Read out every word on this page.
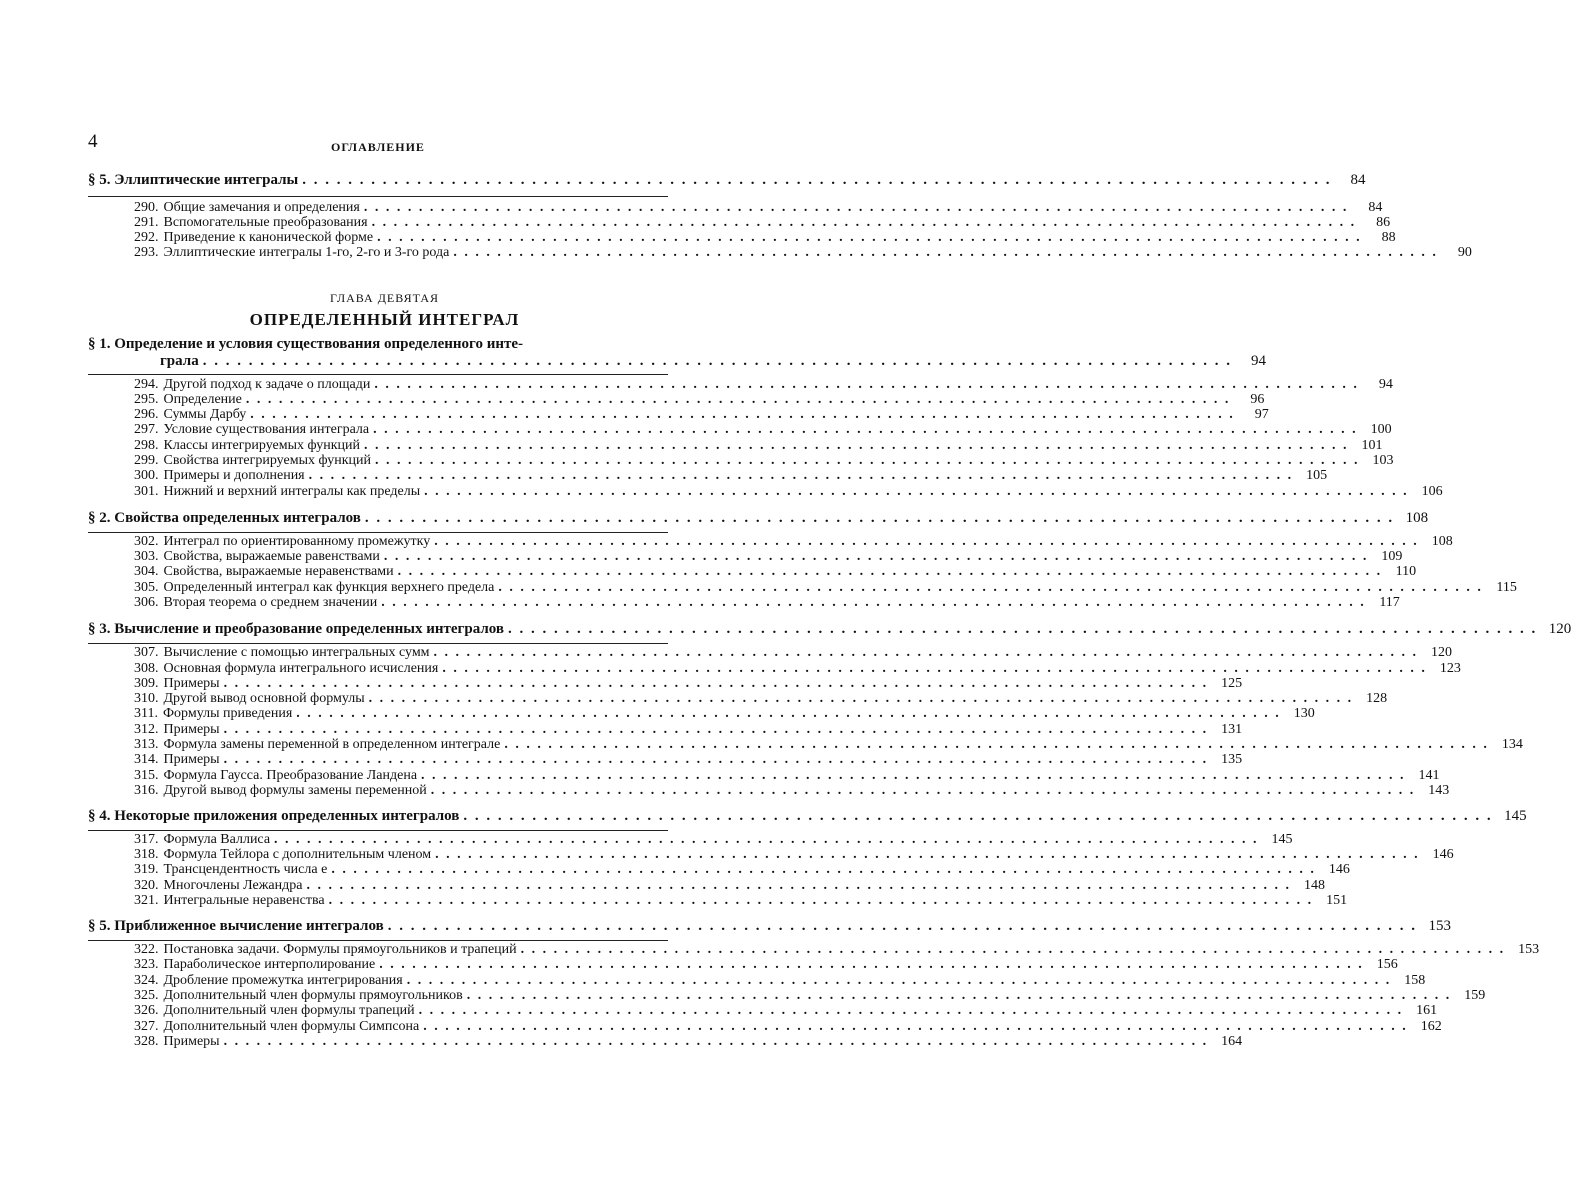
4	ОГЛАВЛЕНИЕ
§ 5. Эллиптические интегралы . . . . . . . . . . . . . . . . . . . . . . . . . . . . . . . . . . . . . . . . . . . . . . . . . . . . . . . . . . . . . . . . . . . . . . . . . . . . . . . . . . . . . . . . . .	84
290. Общие замечания и определения . . . . . . . . . . . . . . . . . . . . . . . . . . . . . . . . . . . . . . . . . . . . . . . . . . . . . . . . . . . . . . . . . . . . . . . . . . . . . . . . . . . . . . . . . .	84
291. Вспомогательные преобразования . . . . . . . . . . . . . . . . . . . . . . . . . . . . . . . . . . . . . . . . . . . . . . . . . . . . . . . . . . . . . . . . . . . . . . . . . . . . . . . . . . . . . . . . . .	86
292. Приведение к канонической форме . . . . . . . . . . . . . . . . . . . . . . . . . . . . . . . . . . . . . . . . . . . . . . . . . . . . . . . . . . . . . . . . . . . . . . . . . . . . . . . . . . . . . . . . . .	88
293. Эллиптические интегралы 1-го, 2-го и 3-го рода . . . . . . . . . . . . . . . . . . . . . . . . . . . . . . . . . . . . . . . . . . . . . . . . . . . . . . . . . . . . . . . . . . . . . . . . . . . . . . . . . . . . . . . . . .	90
ГЛАВА ДЕВЯТАЯ
ОПРЕДЕЛЕННЫЙ ИНТЕГРАЛ
§ 1. Определение и условия существования определенного инте-
грала . . . . . . . . . . . . . . . . . . . . . . . . . . . . . . . . . . . . . . . . . . . . . . . . . . . . . . . . . . . . . . . . . . . . . . . . . . . . . . . . . . . . . . . . . .	94
294. Другой подход к задаче о площади . . . . . . . . . . . . . . . . . . . . . . . . . . . . . . . . . . . . . . . . . . . . . . . . . . . . . . . . . . . . . . . . . . . . . . . . . . . . . . . . . . . . . . . . . .	94
295. Определение . . . . . . . . . . . . . . . . . . . . . . . . . . . . . . . . . . . . . . . . . . . . . . . . . . . . . . . . . . . . . . . . . . . . . . . . . . . . . . . . . . . . . . . . . .	96
296. Суммы Дарбу . . . . . . . . . . . . . . . . . . . . . . . . . . . . . . . . . . . . . . . . . . . . . . . . . . . . . . . . . . . . . . . . . . . . . . . . . . . . . . . . . . . . . . . . . .	97
297. Условие существования интеграла . . . . . . . . . . . . . . . . . . . . . . . . . . . . . . . . . . . . . . . . . . . . . . . . . . . . . . . . . . . . . . . . . . . . . . . . . . . . . . . . . . . . . . . . . . 100
298. Классы интегрируемых функций . . . . . . . . . . . . . . . . . . . . . . . . . . . . . . . . . . . . . . . . . . . . . . . . . . . . . . . . . . . . . . . . . . . . . . . . . . . . . . . . . . . . . . . . . . 101
299. Свойства интегрируемых функций . . . . . . . . . . . . . . . . . . . . . . . . . . . . . . . . . . . . . . . . . . . . . . . . . . . . . . . . . . . . . . . . . . . . . . . . . . . . . . . . . . . . . . . . . . 103
300. Примеры и дополнения . . . . . . . . . . . . . . . . . . . . . . . . . . . . . . . . . . . . . . . . . . . . . . . . . . . . . . . . . . . . . . . . . . . . . . . . . . . . . . . . . . . . . . . . . . 105
301. Нижний и верхний интегралы как пределы . . . . . . . . . . . . . . . . . . . . . . . . . . . . . . . . . . . . . . . . . . . . . . . . . . . . . . . . . . . . . . . . . . . . . . . . . . . . . . . . . . . . . . . . . . 106
§ 2. Свойства определенных интегралов . . . . . . . . . . . . . . . . . . . . . . . . . . . . . . . . . . . . . . . . . . . . . . . . . . . . . . . . . . . . . . . . . . . . . . . . . . . . . . . . . . . . . . . . . . 108
302. Интеграл по ориентированному промежутку . . . . . . . . . . . . . . . . . . . . . . . . . . . . . . . . . . . . . . . . . . . . . . . . . . . . . . . . . . . . . . . . . . . . . . . . . . . . . . . . . . . . . . . . . . 108
303. Свойства, выражаемые равенствами . . . . . . . . . . . . . . . . . . . . . . . . . . . . . . . . . . . . . . . . . . . . . . . . . . . . . . . . . . . . . . . . . . . . . . . . . . . . . . . . . . . . . . . . . . 109
304. Свойства, выражаемые неравенствами . . . . . . . . . . . . . . . . . . . . . . . . . . . . . . . . . . . . . . . . . . . . . . . . . . . . . . . . . . . . . . . . . . . . . . . . . . . . . . . . . . . . . . . . . . 110
305. Определенный интеграл как функция верхнего предела . . . . . . . . . . . . . . . . . . . . . . . . . . . . . . . . . . . . . . . . . . . . . . . . . . . . . . . . . . . . . . . . . . . . . . . . . . . . . . . . . . . . . . . . . . 115
306. Вторая теорема о среднем значении . . . . . . . . . . . . . . . . . . . . . . . . . . . . . . . . . . . . . . . . . . . . . . . . . . . . . . . . . . . . . . . . . . . . . . . . . . . . . . . . . . . . . . . . . . 117
§ 3. Вычисление и преобразование определенных интегралов . . . . . . . . . . . . . . . . . . . . . . . . . . . . . . . . . . . . . . . . . . . . . . . . . . . . . . . . . . . . . . . . . . . . . . . . . . . . . . . . . . . . . . . . . . 120
307. Вычисление с помощью интегральных сумм . . . . . . . . . . . . . . . . . . . . . . . . . . . . . . . . . . . . . . . . . . . . . . . . . . . . . . . . . . . . . . . . . . . . . . . . . . . . . . . . . . . . . . . . . . 120
308. Основная формула интегрального исчисления . . . . . . . . . . . . . . . . . . . . . . . . . . . . . . . . . . . . . . . . . . . . . . . . . . . . . . . . . . . . . . . . . . . . . . . . . . . . . . . . . . . . . . . . . . 123
309. Примеры . . . . . . . . . . . . . . . . . . . . . . . . . . . . . . . . . . . . . . . . . . . . . . . . . . . . . . . . . . . . . . . . . . . . . . . . . . . . . . . . . . . . . . . . . . 125
310. Другой вывод основной формулы . . . . . . . . . . . . . . . . . . . . . . . . . . . . . . . . . . . . . . . . . . . . . . . . . . . . . . . . . . . . . . . . . . . . . . . . . . . . . . . . . . . . . . . . . . 128
311. Формулы приведения . . . . . . . . . . . . . . . . . . . . . . . . . . . . . . . . . . . . . . . . . . . . . . . . . . . . . . . . . . . . . . . . . . . . . . . . . . . . . . . . . . . . . . . . . . 130
312. Примеры . . . . . . . . . . . . . . . . . . . . . . . . . . . . . . . . . . . . . . . . . . . . . . . . . . . . . . . . . . . . . . . . . . . . . . . . . . . . . . . . . . . . . . . . . . 131
313. Формула замены переменной в определенном интеграле . . . . . . . . . . . . . . . . . . . . . . . . . . . . . . . . . . . . . . . . . . . . . . . . . . . . . . . . . . . . . . . . . . . . . . . . . . . . . . . . . . . . . . . . . . 134
314. Примеры . . . . . . . . . . . . . . . . . . . . . . . . . . . . . . . . . . . . . . . . . . . . . . . . . . . . . . . . . . . . . . . . . . . . . . . . . . . . . . . . . . . . . . . . . . 135
315. Формула Гаусса. Преобразование Ландена . . . . . . . . . . . . . . . . . . . . . . . . . . . . . . . . . . . . . . . . . . . . . . . . . . . . . . . . . . . . . . . . . . . . . . . . . . . . . . . . . . . . . . . . . . 141
316. Другой вывод формулы замены переменной . . . . . . . . . . . . . . . . . . . . . . . . . . . . . . . . . . . . . . . . . . . . . . . . . . . . . . . . . . . . . . . . . . . . . . . . . . . . . . . . . . . . . . . . . . 143
§ 4. Некоторые приложения определенных интегралов . . . . . . . . . . . . . . . . . . . . . . . . . . . . . . . . . . . . . . . . . . . . . . . . . . . . . . . . . . . . . . . . . . . . . . . . . . . . . . . . . . . . . . . . . . 145
317. Формула Валлиса . . . . . . . . . . . . . . . . . . . . . . . . . . . . . . . . . . . . . . . . . . . . . . . . . . . . . . . . . . . . . . . . . . . . . . . . . . . . . . . . . . . . . . . . . . 145
318. Формула Тейлора с дополнительным членом . . . . . . . . . . . . . . . . . . . . . . . . . . . . . . . . . . . . . . . . . . . . . . . . . . . . . . . . . . . . . . . . . . . . . . . . . . . . . . . . . . . . . . . . . . 146
319. Трансцендентность числа e . . . . . . . . . . . . . . . . . . . . . . . . . . . . . . . . . . . . . . . . . . . . . . . . . . . . . . . . . . . . . . . . . . . . . . . . . . . . . . . . . . . . . . . . . . 146
320. Многочлены Лежандра . . . . . . . . . . . . . . . . . . . . . . . . . . . . . . . . . . . . . . . . . . . . . . . . . . . . . . . . . . . . . . . . . . . . . . . . . . . . . . . . . . . . . . . . . . 148
321. Интегральные неравенства . . . . . . . . . . . . . . . . . . . . . . . . . . . . . . . . . . . . . . . . . . . . . . . . . . . . . . . . . . . . . . . . . . . . . . . . . . . . . . . . . . . . . . . . . . 151
§ 5. Приближенное вычисление интегралов . . . . . . . . . . . . . . . . . . . . . . . . . . . . . . . . . . . . . . . . . . . . . . . . . . . . . . . . . . . . . . . . . . . . . . . . . . . . . . . . . . . . . . . . . . 153
322. Постановка задачи. Формулы прямоугольников и трапеций . . . . . . . . . . . . . . . . . . . . . . . . . . . . . . . . . . . . . . . . . . . . . . . . . . . . . . . . . . . . . . . . . . . . . . . . . . . . . . . . . . . . . . . . . . 153
323. Параболическое интерполирование . . . . . . . . . . . . . . . . . . . . . . . . . . . . . . . . . . . . . . . . . . . . . . . . . . . . . . . . . . . . . . . . . . . . . . . . . . . . . . . . . . . . . . . . . . 156
324. Дробление промежутка интегрирования . . . . . . . . . . . . . . . . . . . . . . . . . . . . . . . . . . . . . . . . . . . . . . . . . . . . . . . . . . . . . . . . . . . . . . . . . . . . . . . . . . . . . . . . . . 158
325. Дополнительный член формулы прямоугольников . . . . . . . . . . . . . . . . . . . . . . . . . . . . . . . . . . . . . . . . . . . . . . . . . . . . . . . . . . . . . . . . . . . . . . . . . . . . . . . . . . . . . . . . . . 159
326. Дополнительный член формулы трапеций . . . . . . . . . . . . . . . . . . . . . . . . . . . . . . . . . . . . . . . . . . . . . . . . . . . . . . . . . . . . . . . . . . . . . . . . . . . . . . . . . . . . . . . . . . 161
327. Дополнительный член формулы Симпсона . . . . . . . . . . . . . . . . . . . . . . . . . . . . . . . . . . . . . . . . . . . . . . . . . . . . . . . . . . . . . . . . . . . . . . . . . . . . . . . . . . . . . . . . . . 162
328. Примеры . . . . . . . . . . . . . . . . . . . . . . . . . . . . . . . . . . . . . . . . . . . . . . . . . . . . . . . . . . . . . . . . . . . . . . . . . . . . . . . . . . . . . . . . . . 164
